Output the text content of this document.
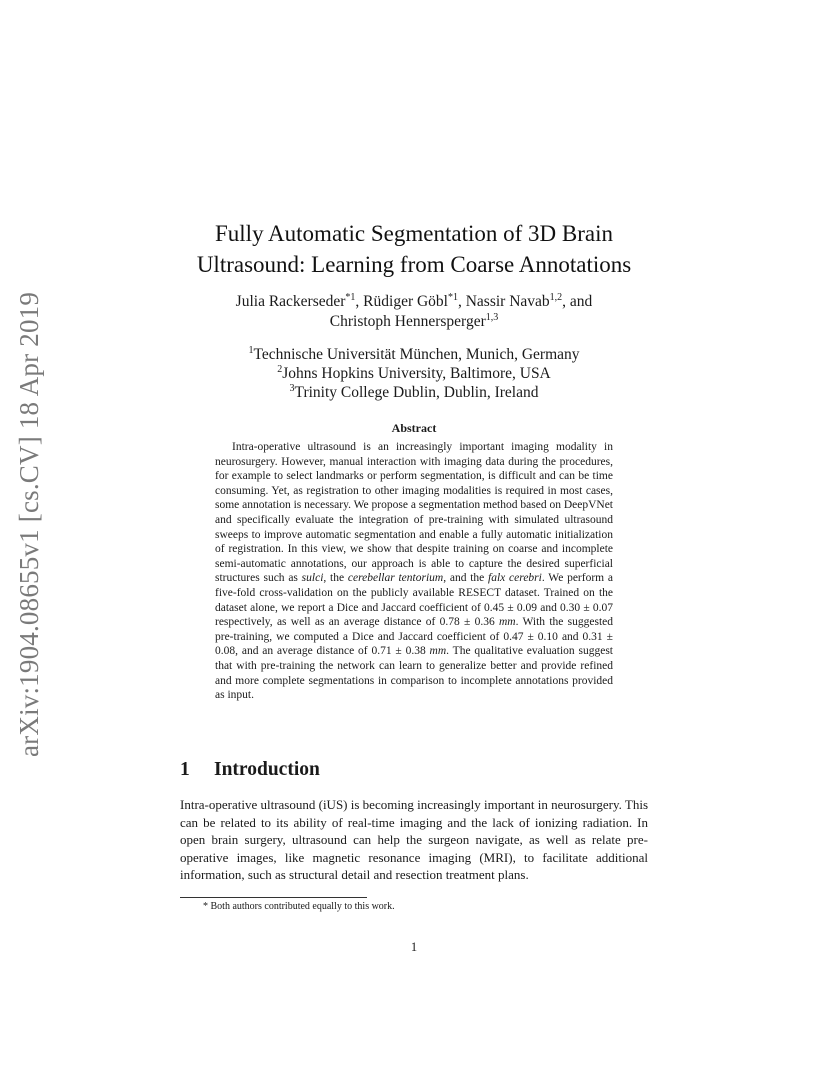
arXiv:1904.08655v1 [cs.CV] 18 Apr 2019
Fully Automatic Segmentation of 3D Brain
Ultrasound: Learning from Coarse Annotations
Julia Rackerseder$^{*1}$, Rüdiger Göbl$^{*1}$, Nassir Navab$^{1,2}$, and
Christoph Hennersperger$^{1,3}$
$^1$Technische Universität München, Munich, Germany
$^2$Johns Hopkins University, Baltimore, USA
$^3$Trinity College Dublin, Dublin, Ireland
Abstract

Intra-operative ultrasound is an increasingly important imaging modality in neurosurgery. However, manual interaction with imaging data during the procedures, for example to select landmarks or perform segmentation, is difficult and can be time consuming. Yet, as registration to other imaging modalities is required in most cases, some annotation is necessary. We propose a segmentation method based on DeepVNet and specifically evaluate the integration of pre-training with simulated ultrasound sweeps to improve automatic segmentation and enable a fully automatic initialization of registration. In this view, we show that despite training on coarse and incomplete semi-automatic annotations, our approach is able to capture the desired superficial structures such as sulci, the cerebellar tentorium, and the falx cerebri. We perform a five-fold cross-validation on the publicly available RESECT dataset. Trained on the dataset alone, we report a Dice and Jaccard coefficient of 0.45 ± 0.09 and 0.30 ± 0.07 respectively, as well as an average distance of 0.78 ± 0.36 mm. With the suggested pre-training, we computed a Dice and Jaccard coefficient of 0.47 ± 0.10 and 0.31 ± 0.08, and an average distance of 0.71 ± 0.38 mm. The qualitative evaluation suggest that with pre-training the network can learn to generalize better and provide refined and more complete segmentations in comparison to incomplete annotations provided as input.

1 Introduction

Intra-operative ultrasound (iUS) is becoming increasingly important in neurosurgery. This can be related to its ability of real-time imaging and the lack of ionizing radiation. In open brain surgery, ultrasound can help the surgeon navigate, as well as relate pre-operative images, like magnetic resonance imaging (MRI), to facilitate additional information, such as structural detail and resection treatment plans.

* Both authors contributed equally to this work.
1
